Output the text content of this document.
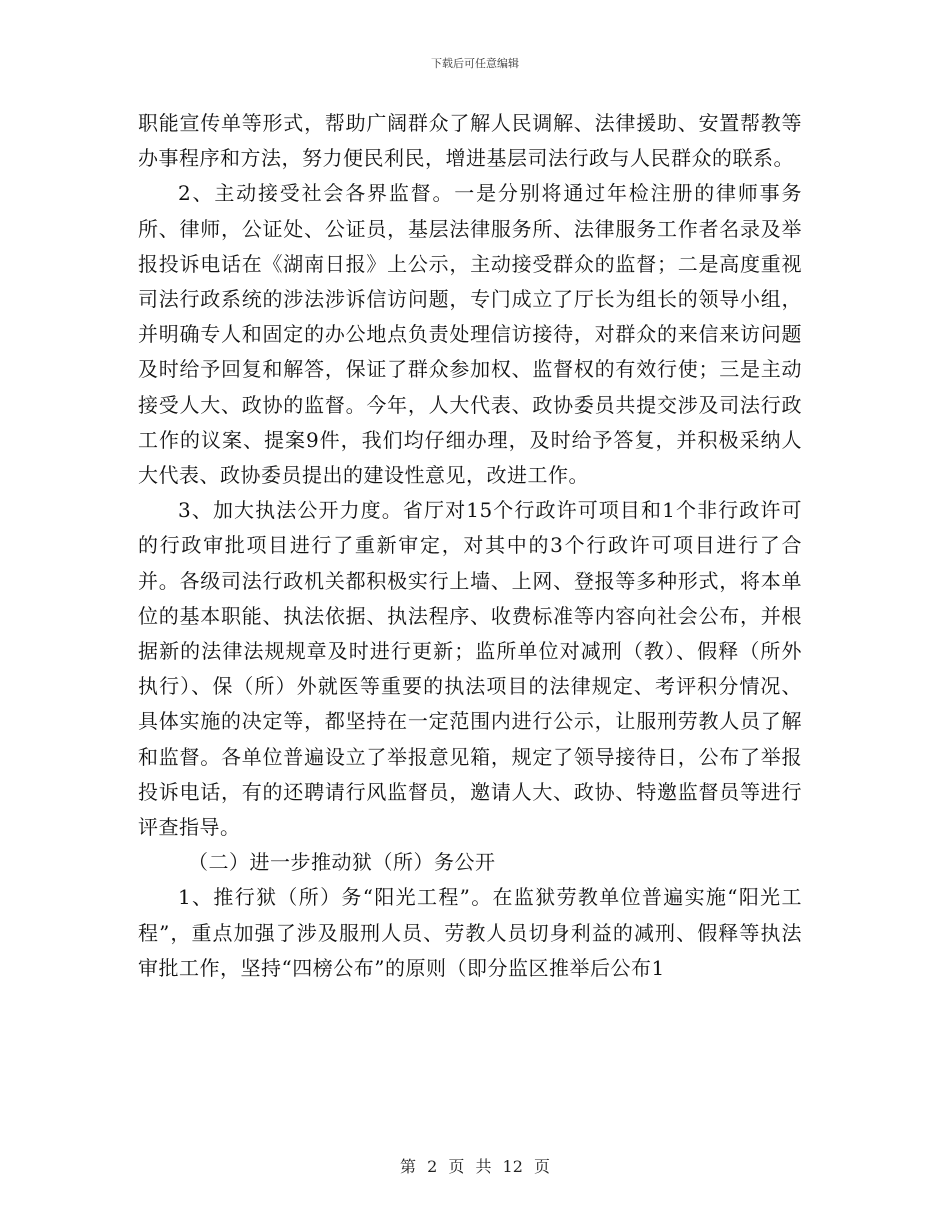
下载后可任意编辑

职能宣传单等形式，帮助广阔群众了解人民调解、法律援助、安置帮教等办事程序和方法，努力便民利民，增进基层司法行政与人民群众的联系。

2、主动接受社会各界监督。一是分别将通过年检注册的律师事务所、律师，公证处、公证员，基层法律服务所、法律服务工作者名录及举报投诉电话在《湖南日报》上公示，主动接受群众的监督；二是高度重视司法行政系统的涉法涉诉信访问题，专门成立了厅长为组长的领导小组，并明确专人和固定的办公地点负责处理信访接待，对群众的来信来访问题及时给予回复和解答，保证了群众参加权、监督权的有效行使；三是主动接受人大、政协的监督。今年，人大代表、政协委员共提交涉及司法行政工作的议案、提案9件，我们均仔细办理，及时给予答复，并积极采纳人大代表、政协委员提出的建设性意见，改进工作。

3、加大执法公开力度。省厅对15个行政许可项目和1个非行政许可的行政审批项目进行了重新审定，对其中的3个行政许可项目进行了合并。各级司法行政机关都积极实行上墙、上网、登报等多种形式，将本单位的基本职能、执法依据、执法程序、收费标准等内容向社会公布，并根据新的法律法规规章及时进行更新；监所单位对减刑（教）、假释（所外执行）、保（所）外就医等重要的执法项目的法律规定、考评积分情况、具体实施的决定等，都坚持在一定范围内进行公示，让服刑劳教人员了解和监督。各单位普遍设立了举报意见箱，规定了领导接待日，公布了举报投诉电话，有的还聘请行风监督员，邀请人大、政协、特邀监督员等进行评查指导。

（二）进一步推动狱（所）务公开

1、推行狱（所）务“阳光工程”。在监狱劳教单位普遍实施“阳光工程”，重点加强了涉及服刑人员、劳教人员切身利益的减刑、假释等执法审批工作，坚持“四榜公布”的原则（即分监区推举后公布1

第 2 页 共 12 页
